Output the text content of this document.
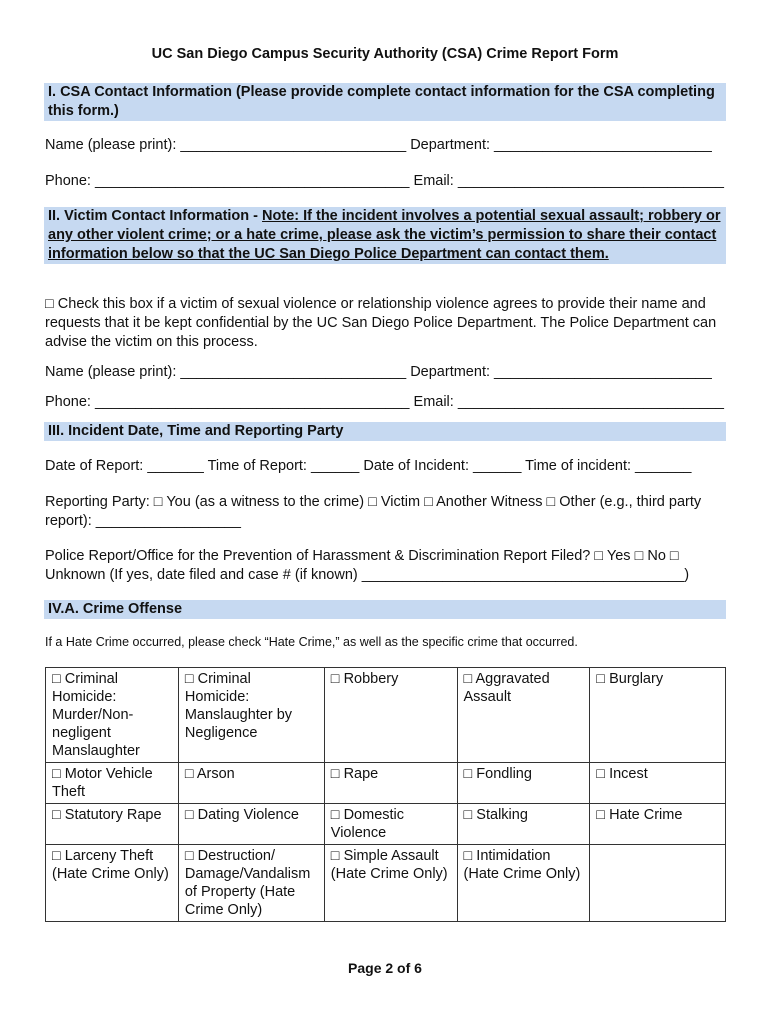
UC San Diego Campus Security Authority (CSA) Crime Report Form
I. CSA Contact Information (Please provide complete contact information for the CSA completing this form.)
Name (please print): ____________________________ Department: ___________________________
Phone: _______________________________________ Email: _________________________________
II. Victim Contact Information - Note: If the incident involves a potential sexual assault; robbery or any other violent crime; or a hate crime, please ask the victim’s permission to share their contact information below so that the UC San Diego Police Department can contact them.
□ Check this box if a victim of sexual violence or relationship violence agrees to provide their name and requests that it be kept confidential by the UC San Diego Police Department. The Police Department can advise the victim on this process.
Name (please print): ____________________________ Department: ___________________________
Phone: _______________________________________ Email: _________________________________
III. Incident Date, Time and Reporting Party
Date of Report: _______ Time of Report: ______ Date of Incident: ______ Time of incident: _______
Reporting Party: □ You (as a witness to the crime) □ Victim □ Another Witness □ Other (e.g., third party report): __________________
Police Report/Office for the Prevention of Harassment & Discrimination Report Filed? □ Yes □ No □ Unknown (If yes, date filed and case # (if known) ________________________________________)
IV.A. Crime Offense
If a Hate Crime occurred, please check “Hate Crime,” as well as the specific crime that occurred.
□ Criminal Homicide: Murder/Non-negligent Manslaughter	□ Criminal Homicide: Manslaughter by Negligence	□ Robbery	□ Aggravated Assault	□ Burglary
□ Motor Vehicle Theft	□ Arson	□ Rape	□ Fondling	□ Incest
□ Statutory Rape	□ Dating Violence	□ Domestic Violence	□ Stalking	□ Hate Crime
□ Larceny Theft (Hate Crime Only)	□ Destruction/ Damage/Vandalism of Property (Hate Crime Only)	□ Simple Assault (Hate Crime Only)	□ Intimidation (Hate Crime Only)	
Page 2 of 6
